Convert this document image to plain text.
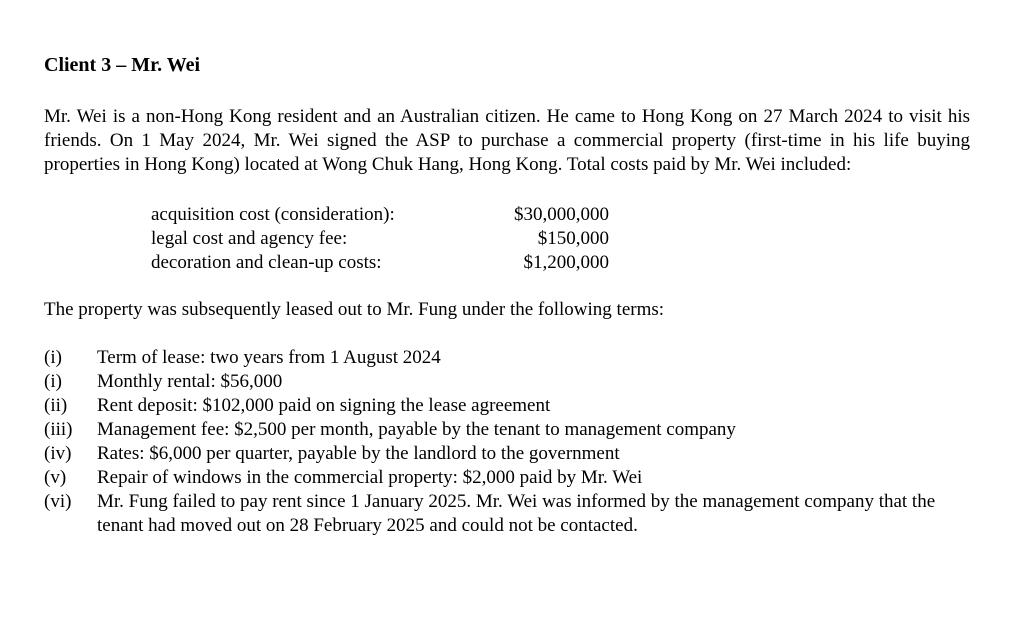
Client 3 – Mr. Wei

Mr. Wei is a non-Hong Kong resident and an Australian citizen. He came to Hong Kong on 27 March 2024 to visit his friends. On 1 May 2024, Mr. Wei signed the ASP to purchase a commercial property (first-time in his life buying properties in Hong Kong) located at Wong Chuk Hang, Hong Kong. Total costs paid by Mr. Wei included:

acquisition cost (consideration):	$30,000,000
legal cost and agency fee:	$150,000
decoration and clean-up costs:	$1,200,000

The property was subsequently leased out to Mr. Fung under the following terms:

(i)	Term of lease: two years from 1 August 2024
(i)	Monthly rental: $56,000
(ii)	Rent deposit: $102,000 paid on signing the lease agreement
(iii)	Management fee: $2,500 per month, payable by the tenant to management company
(iv)	Rates: $6,000 per quarter, payable by the landlord to the government
(v)	Repair of windows in the commercial property: $2,000 paid by Mr. Wei
(vi)	Mr. Fung failed to pay rent since 1 January 2025. Mr. Wei was informed by the management company that the tenant had moved out on 28 February 2025 and could not be contacted.
